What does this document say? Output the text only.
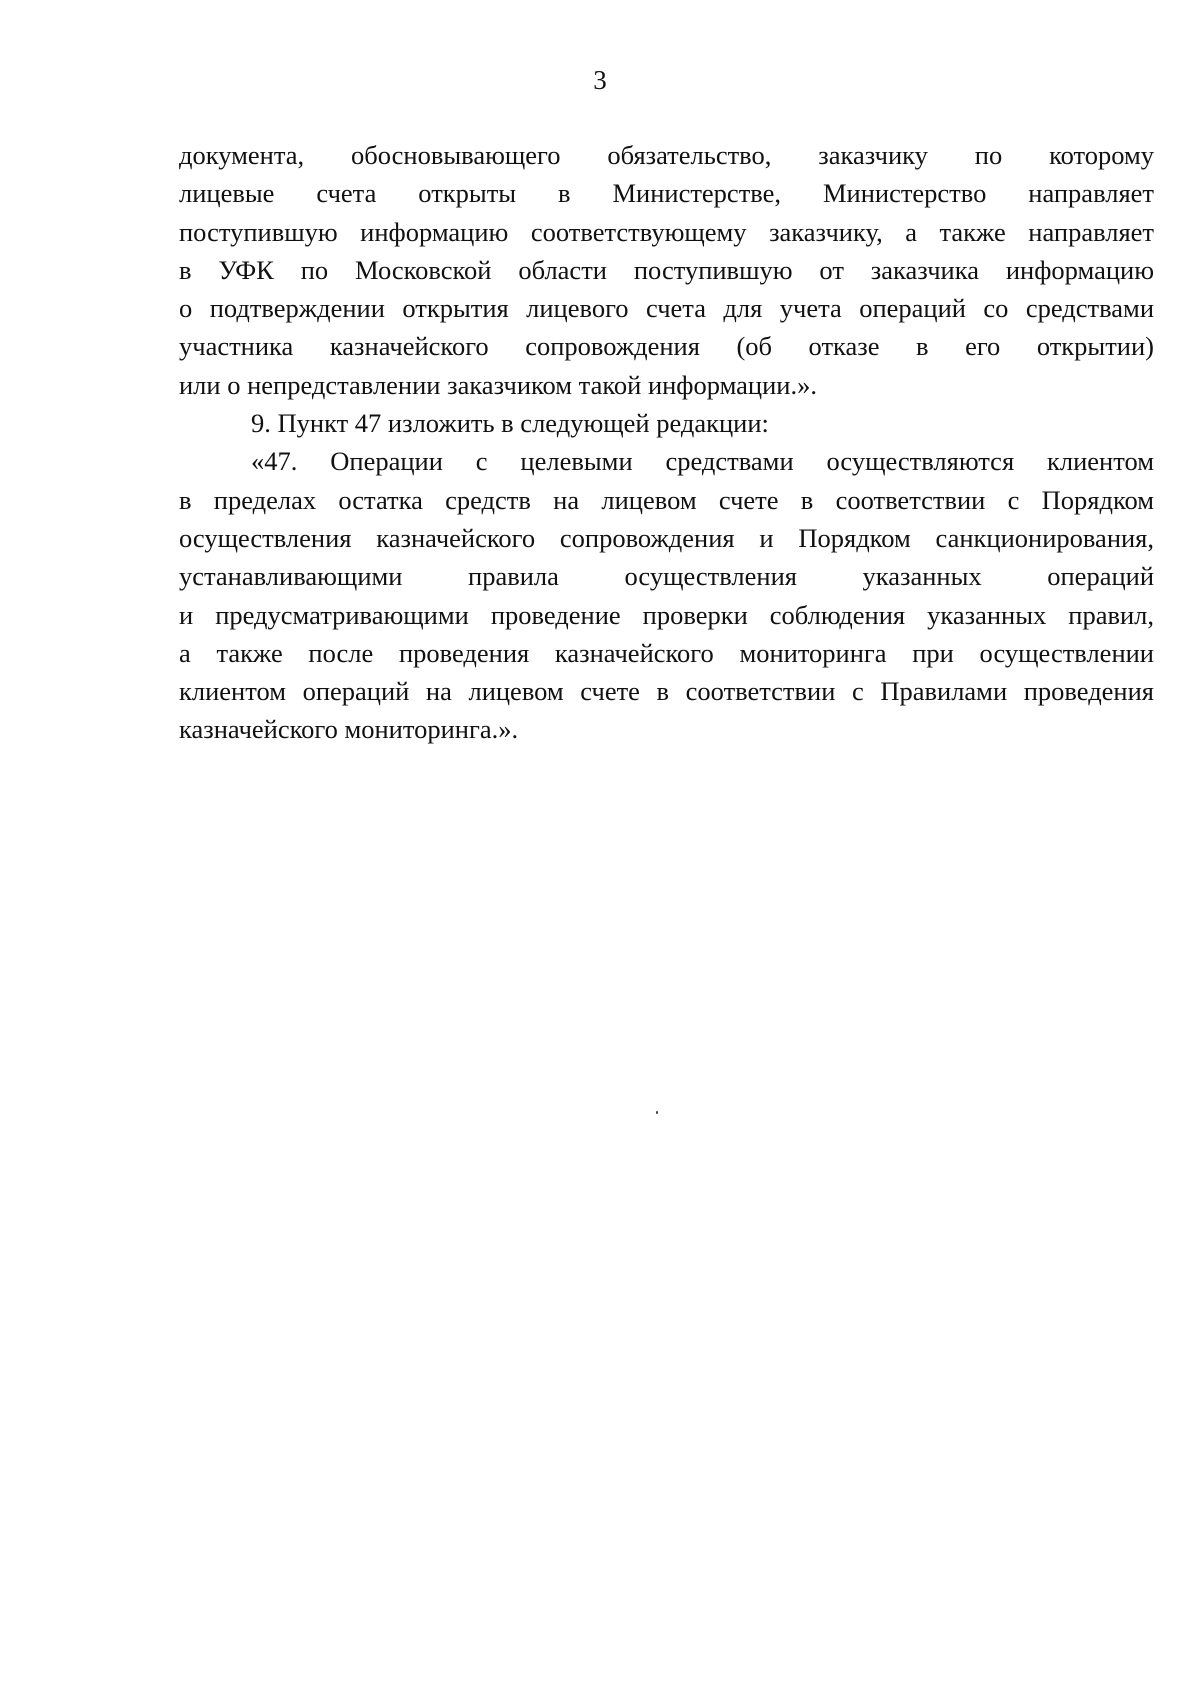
3

документа, обосновывающего обязательство, заказчику по которому

лицевые счета открыты в Министерстве, Министерство направляет

поступившую информацию соответствующему заказчику, а также направляет

в УФК по Московской области поступившую от заказчика информацию

о подтверждении открытия лицевого счета для учета операций со средствами

участника казначейского сопровождения (об отказе в его открытии)

или о непредставлении заказчиком такой информации.».

9. Пункт 47 изложить в следующей редакции:

«47. Операции с целевыми средствами осуществляются клиентом

в пределах остатка средств на лицевом счете в соответствии с Порядком

осуществления казначейского сопровождения и Порядком санкционирования,

устанавливающими правила осуществления указанных операций

и предусматривающими проведение проверки соблюдения указанных правил,

а также после проведения казначейского мониторинга при осуществлении

клиентом операций на лицевом счете в соответствии с Правилами проведения

казначейского мониторинга.».
